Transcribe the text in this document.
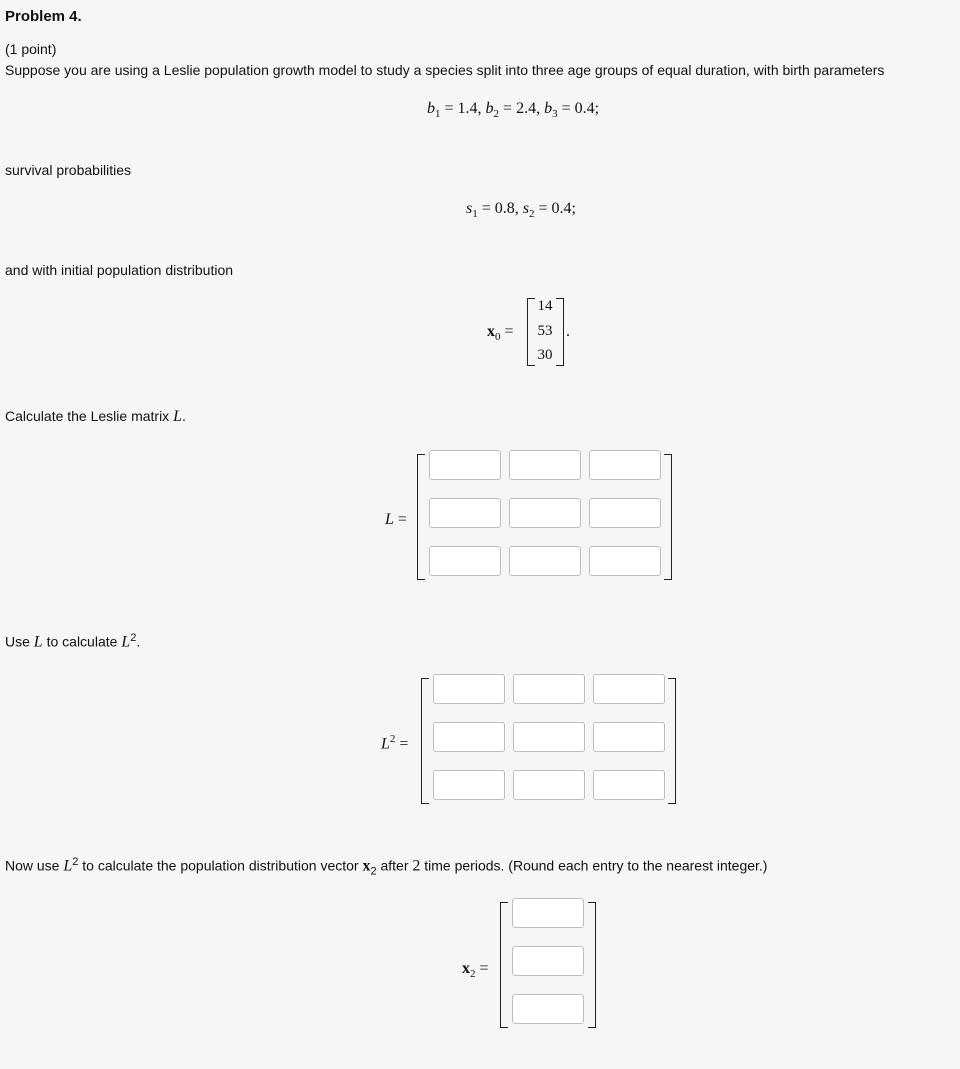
Problem 4.
(1 point)
Suppose you are using a Leslie population growth model to study a species split into three age groups of equal duration, with birth parameters
$b_1 = 1.4$, $b_2 = 2.4$, $b_3 = 0.4$;
survival probabilities
$s_1 = 0.8$, $s_2 = 0.4$;
and with initial population distribution
$x_0$ =
14
53
30
.
Calculate the Leslie matrix L.
L =
Use L to calculate $L^2$.
$L^2$ =
Now use $L^2$ to calculate the population distribution vector $x_2$ after 2 time periods. (Round each entry to the nearest integer.)
$x_2$ =
